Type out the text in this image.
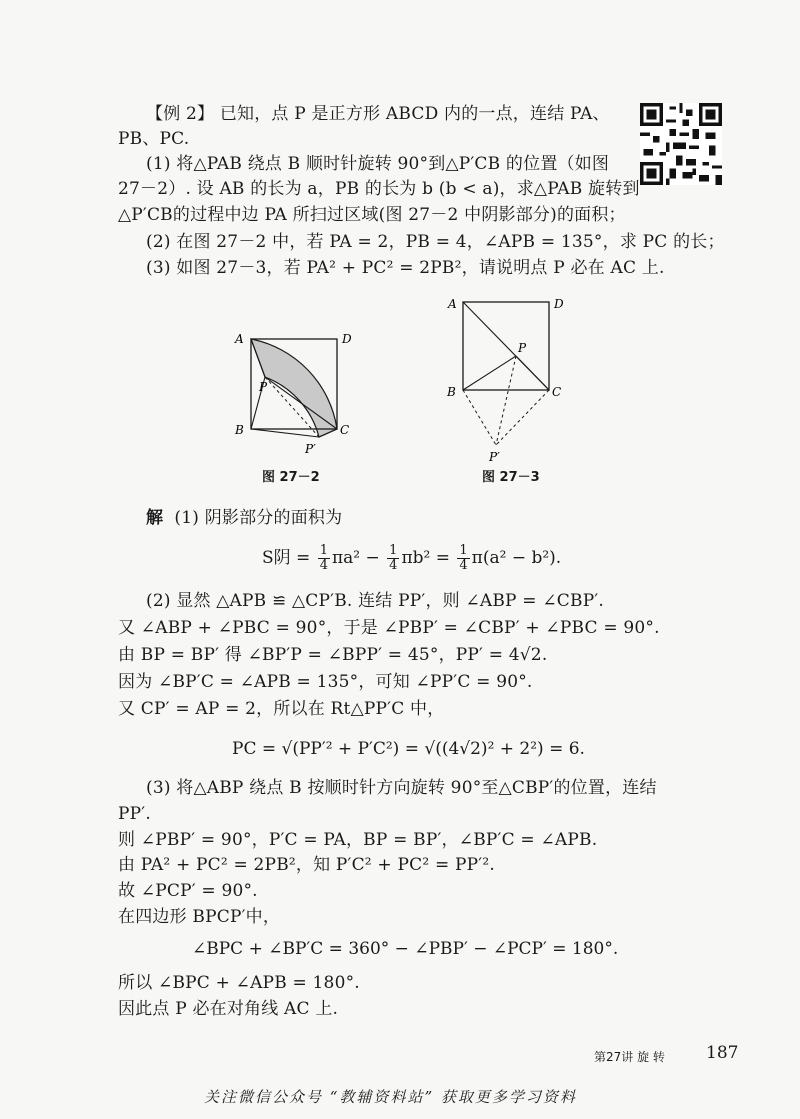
【例 2】 已知，点 P 是正方形 ABCD 内的一点，连结 PA、
PB、PC.
(1) 将△PAB 绕点 B 顺时针旋转 90°到△P′CB 的位置（如图
27－2）. 设 AB 的长为 a，PB 的长为 b (b < a)，求△PAB 旋转到
△P′CB的过程中边 PA 所扫过区域(图 27－2 中阴影部分)的面积；
(2) 在图 27－2 中，若 PA = 2，PB = 4，∠APB = 135°，求 PC 的长；
(3) 如图 27－3，若 PA² + PC² = 2PB²，请说明点 P 必在 AC 上.
A	D
B	C
P
P′
图 27－2
A	D
B	C
P
P′
图 27－3
解 (1) 阴影部分的面积为
S阴 = $\frac{1}{4} \pi a^2 - \frac{1}{4} \pi b^2 = \frac{1}{4} \pi(a^2 - b^2)$.
(2) 显然 △APB ≌ △CP′B. 连结 PP′，则 ∠ABP = ∠CBP′.
又 ∠ABP + ∠PBC = 90°，于是 ∠PBP′ = ∠CBP′ + ∠PBC = 90°.
由 BP = BP′ 得 ∠BP′P = ∠BPP′ = 45°，PP′ = 4√2.
因为 ∠BP′C = ∠APB = 135°，可知 ∠PP′C = 90°.
又 CP′ = AP = 2，所以在 Rt△PP′C 中，
PC = √(PP′² + P′C²) = √((4√2)² + 2²) = 6.
(3) 将△ABP 绕点 B 按顺时针方向旋转 90°至△CBP′的位置，连结
PP′.
则 ∠PBP′ = 90°，P′C = PA，BP = BP′，∠BP′C = ∠APB.
由 PA² + PC² = 2PB²，知 P′C² + PC² = PP′².
故 ∠PCP′ = 90°.
在四边形 BPCP′中，
∠BPC + ∠BP′C = 360° − ∠PBP′ − ∠PCP′ = 180°.
所以 ∠BPC + ∠APB = 180°.
因此点 P 必在对角线 AC 上.
第27讲 旋 转 187
关注微信公众号 “教辅资料站” 获取更多学习资料
